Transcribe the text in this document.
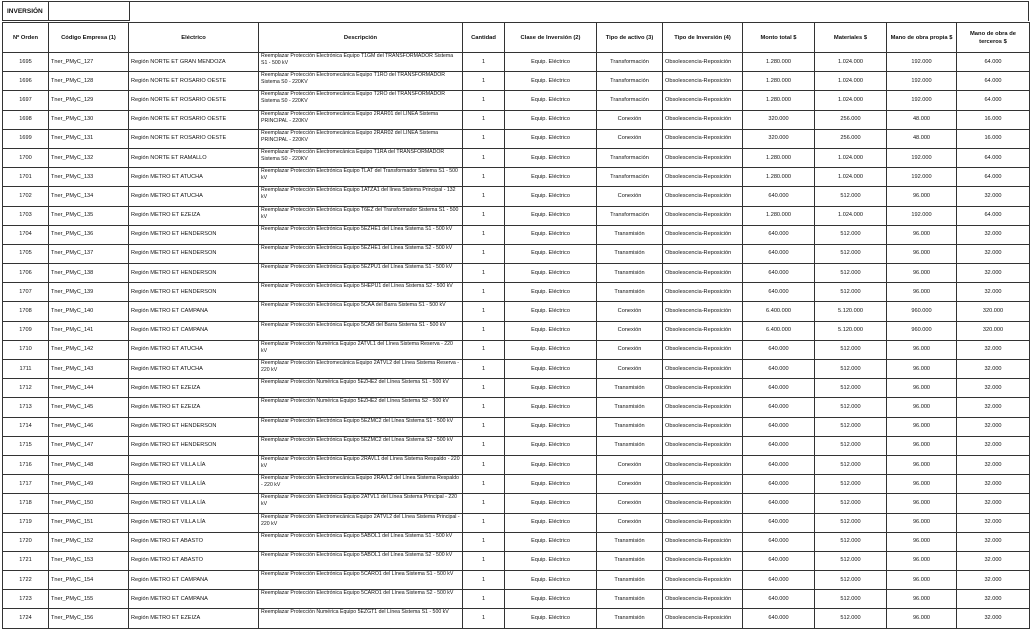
INVERSIÓN
Nº Orden	Código Empresa (1)	Eléctrico	Descripción	Cantidad	Clase de Inversión (2)	Tipo de activo (3)	Tipo de Inversión (4)	Monto total $	Materiales $	Mano de obra propia $	Mano de obra de terceros $
1695	Tner_PMyC_127	Región NORTE ET GRAN MENDOZA	Reemplazar Protección Electrónica Equipo T1GM del TRANSFORMADOR Sistema S1 - 500 kV	1	Equip. Eléctrico	Transformación	Obsolescencia-Reposición	1.280.000	1.024.000	192.000	64.000
1696	Tner_PMyC_128	Región NORTE ET ROSARIO OESTE	Reemplazar Protección Electromecánica Equipo T1RO del TRANSFORMADOR Sistema S0 - 220KV	1	Equip. Eléctrico	Transformación	Obsolescencia-Reposición	1.280.000	1.024.000	192.000	64.000
1697	Tner_PMyC_129	Región NORTE ET ROSARIO OESTE	Reemplazar Protección Electromecánica Equipo T2RO del TRANSFORMADOR Sistema S0 - 220KV	1	Equip. Eléctrico	Transformación	Obsolescencia-Reposición	1.280.000	1.024.000	192.000	64.000
1698	Tner_PMyC_130	Región NORTE ET ROSARIO OESTE	Reemplazar Protección Electromecánica Equipo 2RAR01 del LINEA Sistema PRINCIPAL - 220KV	1	Equip. Eléctrico	Conexión	Obsolescencia-Reposición	320.000	256.000	48.000	16.000
1699	Tner_PMyC_131	Región NORTE ET ROSARIO OESTE	Reemplazar Protección Electromecánica Equipo 2RAR02 del LINEA Sistema PRINCIPAL - 220KV	1	Equip. Eléctrico	Conexión	Obsolescencia-Reposición	320.000	256.000	48.000	16.000
1700	Tner_PMyC_132	Región NORTE ET RAMALLO	Reemplazar Protección Electromecánica Equipo T1RA del TRANSFORMADOR Sistema S0 - 220KV	1	Equip. Eléctrico	Transformación	Obsolescencia-Reposición	1.280.000	1.024.000	192.000	64.000
1701	Tner_PMyC_133	Región METRO ET ATUCHA	Reemplazar Protección Electrónica Equipo TLAT del Transformador Sistema S1 - 500 kV	1	Equip. Eléctrico	Transformación	Obsolescencia-Reposición	1.280.000	1.024.000	192.000	64.000
1702	Tner_PMyC_134	Región METRO ET ATUCHA	Reemplazar Protección Electrónica Equipo 1ATZA1 del línea Sistema Principal - 132 kV	1	Equip. Eléctrico	Conexión	Obsolescencia-Reposición	640.000	512.000	96.000	32.000
1703	Tner_PMyC_135	Región METRO ET EZEIZA	Reemplazar Protección Electrónica Equipo T6EZ del Transformador Sistema S1 - 500 kV	1	Equip. Eléctrico	Transformación	Obsolescencia-Reposición	1.280.000	1.024.000	192.000	64.000
1704	Tner_PMyC_136	Región METRO ET HENDERSON	Reemplazar Protección Electrónica Equipo 5EZHE1 del Línea Sistema S1 - 500 kV	1	Equip. Eléctrico	Transmisión	Obsolescencia-Reposición	640.000	512.000	96.000	32.000
1705	Tner_PMyC_137	Región METRO ET HENDERSON	Reemplazar Protección Electrónica Equipo 5EZHE1 del Línea Sistema S2 - 500 kV	1	Equip. Eléctrico	Transmisión	Obsolescencia-Reposición	640.000	512.000	96.000	32.000
1706	Tner_PMyC_138	Región METRO ET HENDERSON	Reemplazar Protección Electrónica Equipo 5EZPU1 del Línea Sistema S1 - 500 kV	1	Equip. Eléctrico	Transmisión	Obsolescencia-Reposición	640.000	512.000	96.000	32.000
1707	Tner_PMyC_139	Región METRO ET HENDERSON	Reemplazar Protección Electrónica Equipo 5HEPU1 del Línea Sistema S2 - 500 kV	1	Equip. Eléctrico	Transmisión	Obsolescencia-Reposición	640.000	512.000	96.000	32.000
1708	Tner_PMyC_140	Región METRO ET CAMPANA	Reemplazar Protección Electrónica Equipo 5CAA del Barra Sistema S1 - 500 kV	1	Equip. Eléctrico	Conexión	Obsolescencia-Reposición	6.400.000	5.120.000	960.000	320.000
1709	Tner_PMyC_141	Región METRO ET CAMPANA	Reemplazar Protección Electrónica Equipo 5CAB del Barra Sistema S1 - 500 kV	1	Equip. Eléctrico	Conexión	Obsolescencia-Reposición	6.400.000	5.120.000	960.000	320.000
1710	Tner_PMyC_142	Región METRO ET ATUCHA	Reemplazar Protección Numérica Equipo 2ATVL1 del Línea Sistema Reserva - 220 kV	1	Equip. Eléctrico	Conexión	Obsolescencia-Reposición	640.000	512.000	96.000	32.000
1711	Tner_PMyC_143	Región METRO ET ATUCHA	Reemplazar Protección Electromecánica Equipo 2ATVL2 del Línea Sistema Reserva - 220 kV	1	Equip. Eléctrico	Conexión	Obsolescencia-Reposición	640.000	512.000	96.000	32.000
1712	Tner_PMyC_144	Región METRO ET EZEIZA	Reemplazar Protección Numérica Equipo 5EZHE2 del Línea Sistema S1 - 500 kV	1	Equip. Eléctrico	Transmisión	Obsolescencia-Reposición	640.000	512.000	96.000	32.000
1713	Tner_PMyC_145	Región METRO ET EZEIZA	Reemplazar Protección Numérica Equipo 5EZHE2 del Línea Sistema S2 - 500 kV	1	Equip. Eléctrico	Transmisión	Obsolescencia-Reposición	640.000	512.000	96.000	32.000
1714	Tner_PMyC_146	Región METRO ET HENDERSON	Reemplazar Protección Electrónica Equipo 5EZMC2 del Línea Sistema S1 - 500 kV	1	Equip. Eléctrico	Transmisión	Obsolescencia-Reposición	640.000	512.000	96.000	32.000
1715	Tner_PMyC_147	Región METRO ET HENDERSON	Reemplazar Protección Electrónica Equipo 5EZMC2 del Línea Sistema S2 - 500 kV	1	Equip. Eléctrico	Transmisión	Obsolescencia-Reposición	640.000	512.000	96.000	32.000
1716	Tner_PMyC_148	Región METRO ET VILLA LÍA	Reemplazar Protección Electrónica Equipo 2RAVL1 del Línea Sistema Respaldo - 220 kV	1	Equip. Eléctrico	Conexión	Obsolescencia-Reposición	640.000	512.000	96.000	32.000
1717	Tner_PMyC_149	Región METRO ET VILLA LÍA	Reemplazar Protección Electromecánica Equipo 2RAVL2 del Línea Sistema Respaldo - 220 kV	1	Equip. Eléctrico	Conexión	Obsolescencia-Reposición	640.000	512.000	96.000	32.000
1718	Tner_PMyC_150	Región METRO ET VILLA LÍA	Reemplazar Protección Electrónica Equipo 2ATVL1 del Línea Sistema Principal - 220 kV	1	Equip. Eléctrico	Conexión	Obsolescencia-Reposición	640.000	512.000	96.000	32.000
1719	Tner_PMyC_151	Región METRO ET VILLA LÍA	Reemplazar Protección Electromecánica Equipo 2ATVL2 del Línea Sistema Principal - 220 kV	1	Equip. Eléctrico	Conexión	Obsolescencia-Reposición	640.000	512.000	96.000	32.000
1720	Tner_PMyC_152	Región METRO ET ABASTO	Reemplazar Protección Electrónica Equipo 5ABOL1 del Línea Sistema S1 - 500 kV	1	Equip. Eléctrico	Transmisión	Obsolescencia-Reposición	640.000	512.000	96.000	32.000
1721	Tner_PMyC_153	Región METRO ET ABASTO	Reemplazar Protección Electrónica Equipo 5ABOL1 del Línea Sistema S2 - 500 kV	1	Equip. Eléctrico	Transmisión	Obsolescencia-Reposición	640.000	512.000	96.000	32.000
1722	Tner_PMyC_154	Región METRO ET CAMPANA	Reemplazar Protección Electrónica Equipo 5CARO1 del Línea Sistema S1 - 500 kV	1	Equip. Eléctrico	Transmisión	Obsolescencia-Reposición	640.000	512.000	96.000	32.000
1723	Tner_PMyC_155	Región METRO ET CAMPANA	Reemplazar Protección Electrónica Equipo 5CARO1 del Línea Sistema S2 - 500 kV	1	Equip. Eléctrico	Transmisión	Obsolescencia-Reposición	640.000	512.000	96.000	32.000
1724	Tner_PMyC_156	Región METRO ET EZEIZA	Reemplazar Protección Numérica Equipo 5EZGT1 del Línea Sistema S1 - 500 kV	1	Equip. Eléctrico	Transmisión	Obsolescencia-Reposición	640.000	512.000	96.000	32.000
